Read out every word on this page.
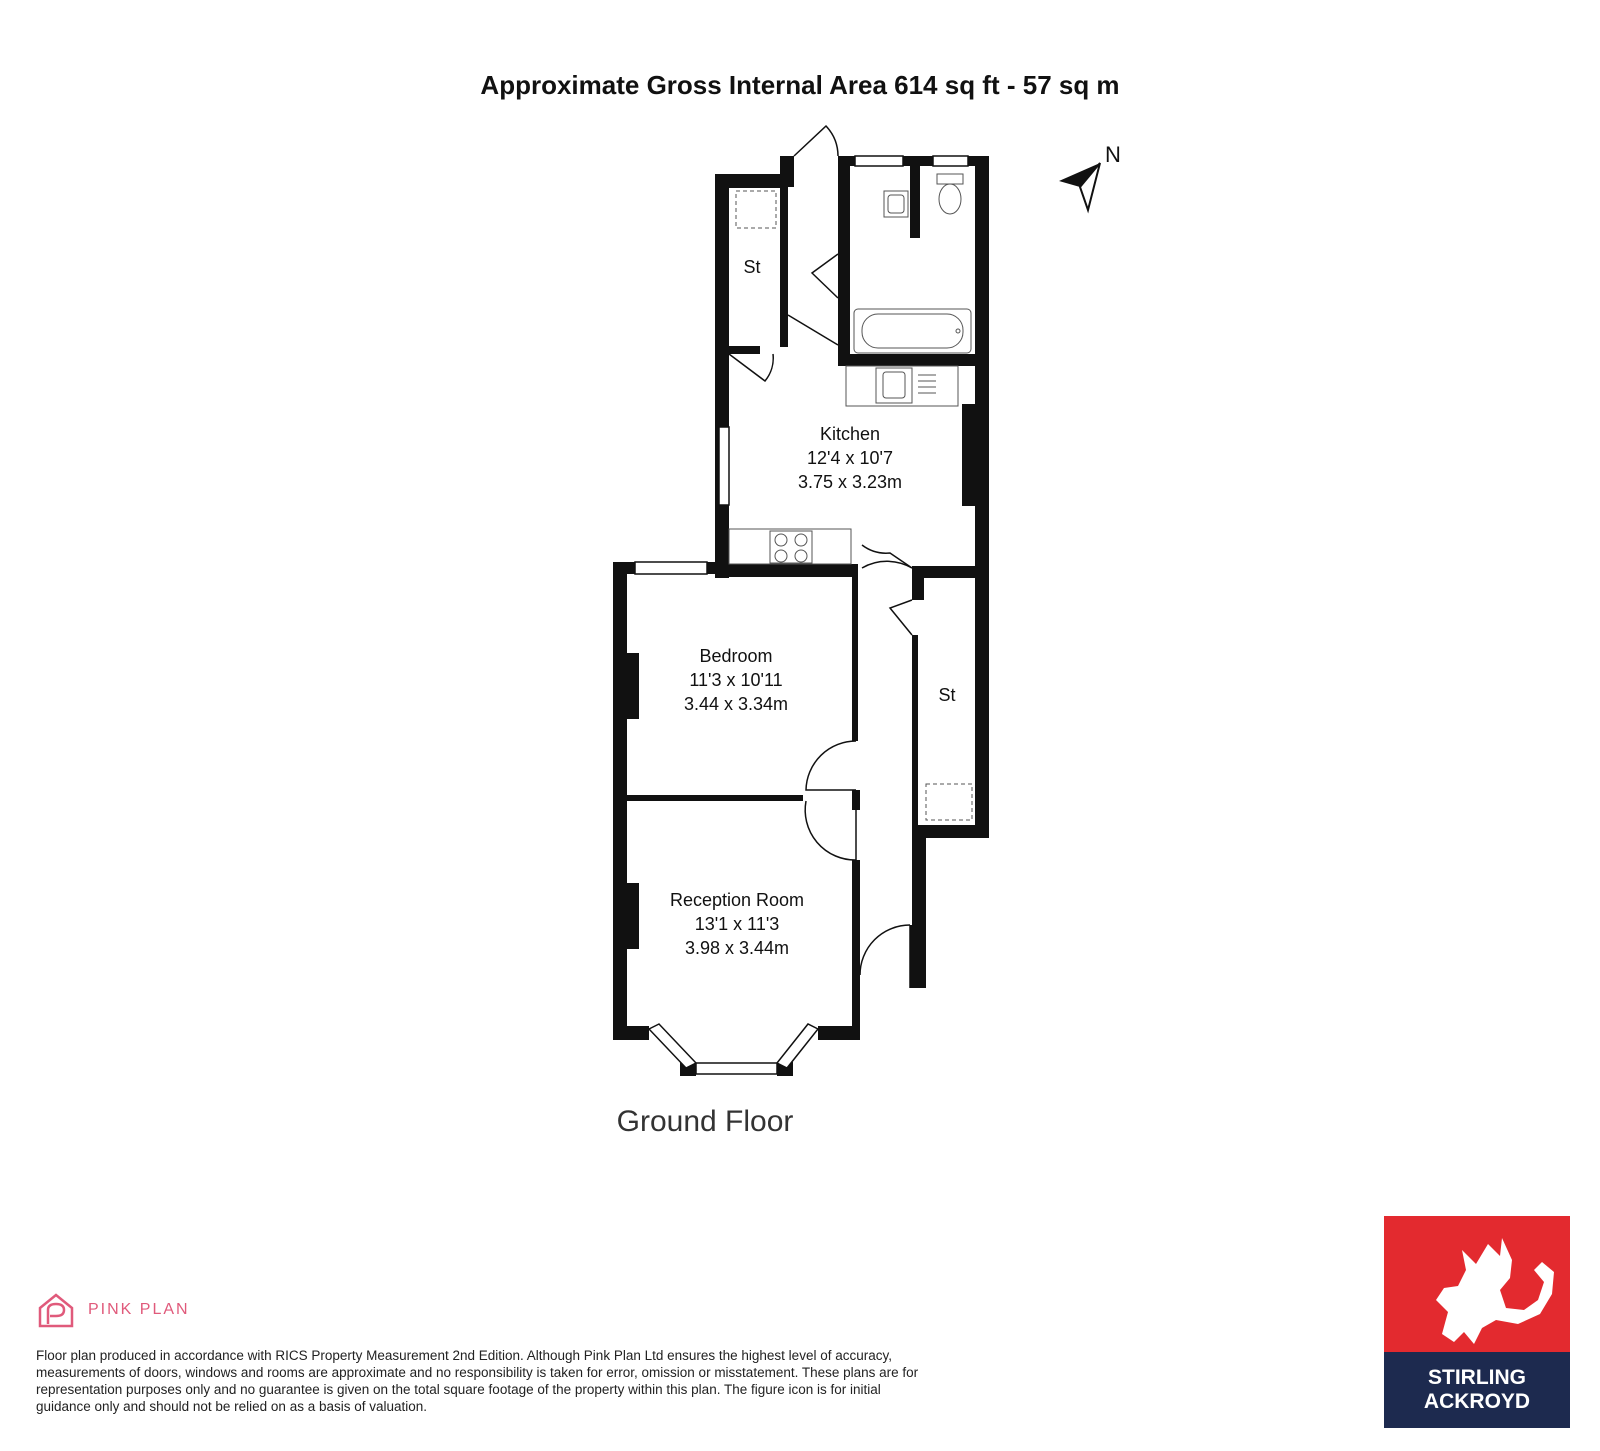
Approximate Gross Internal Area 614 sq ft - 57 sq m
St
Kitchen
12'4 x 10'7
3.75 x 3.23m
Bedroom
11'3 x 10'11
3.44 x 3.34m	St
Reception Room
13'1 x 11'3
3.98 x 3.44m
Ground Floor
N
PINK PLAN
Floor plan produced in accordance with RICS Property Measurement 2nd Edition. Although Pink Plan Ltd ensures the highest level of accuracy, measurements of doors, windows and rooms are approximate and no responsibility is taken for error, omission or misstatement. These plans are for representation purposes only and no guarantee is given on the total square footage of the property within this plan. The figure icon is for initial guidance only and should not be relied on as a basis of valuation.
STIRLING
ACKROYD
